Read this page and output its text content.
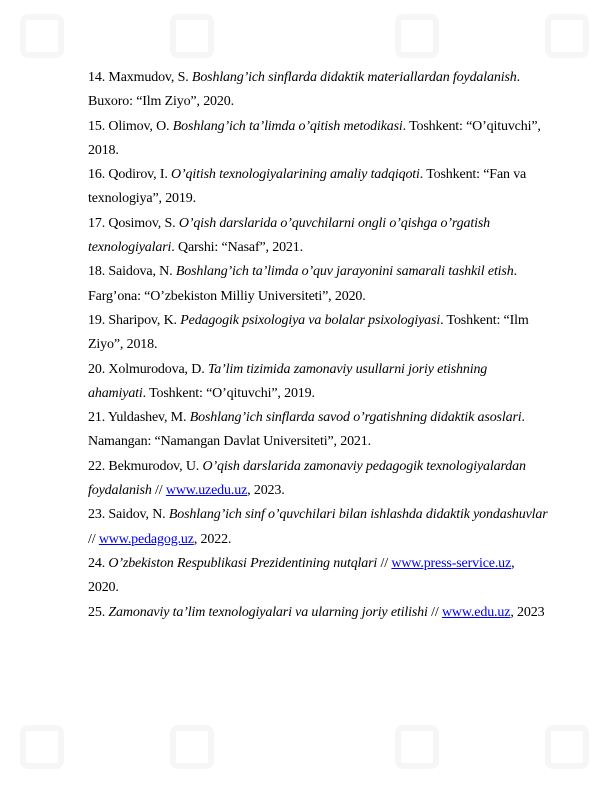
14. Maxmudov, S. Boshlang’ich sinflarda didaktik materiallardan foydalanish. Buxoro: “Ilm Ziyo”, 2020.

15. Olimov, O. Boshlang’ich ta’limda o’qitish metodikasi. Toshkent: “O’qituvchi”, 2018.

16. Qodirov, I. O’qitish texnologiyalarining amaliy tadqiqoti. Toshkent: “Fan va texnologiya”, 2019.

17. Qosimov, S. O’qish darslarida o’quvchilarni ongli o’qishga o’rgatish texnologiyalari. Qarshi: “Nasaf”, 2021.

18. Saidova, N. Boshlang’ich ta’limda o’quv jarayonini samarali tashkil etish. Farg’ona: “O’zbekiston Milliy Universiteti”, 2020.

19. Sharipov, K. Pedagogik psixologiya va bolalar psixologiyasi. Toshkent: “Ilm Ziyo”, 2018.

20. Xolmurodova, D. Ta’lim tizimida zamonaviy usullarni joriy etishning ahamiyati. Toshkent: “O’qituvchi”, 2019.

21. Yuldashev, M. Boshlang’ich sinflarda savod o’rgatishning didaktik asoslari. Namangan: “Namangan Davlat Universiteti”, 2021.

22. Bekmurodov, U. O’qish darslarida zamonaviy pedagogik texnologiyalardan foydalanish // www.uzedu.uz, 2023.

23. Saidov, N. Boshlang’ich sinf o’quvchilari bilan ishlashda didaktik yondashuvlar // www.pedagog.uz, 2022.

24. O’zbekiston Respublikasi Prezidentining nutqlari // www.press-service.uz, 2020.

25. Zamonaviy ta’lim texnologiyalari va ularning joriy etilishi // www.edu.uz, 2023
